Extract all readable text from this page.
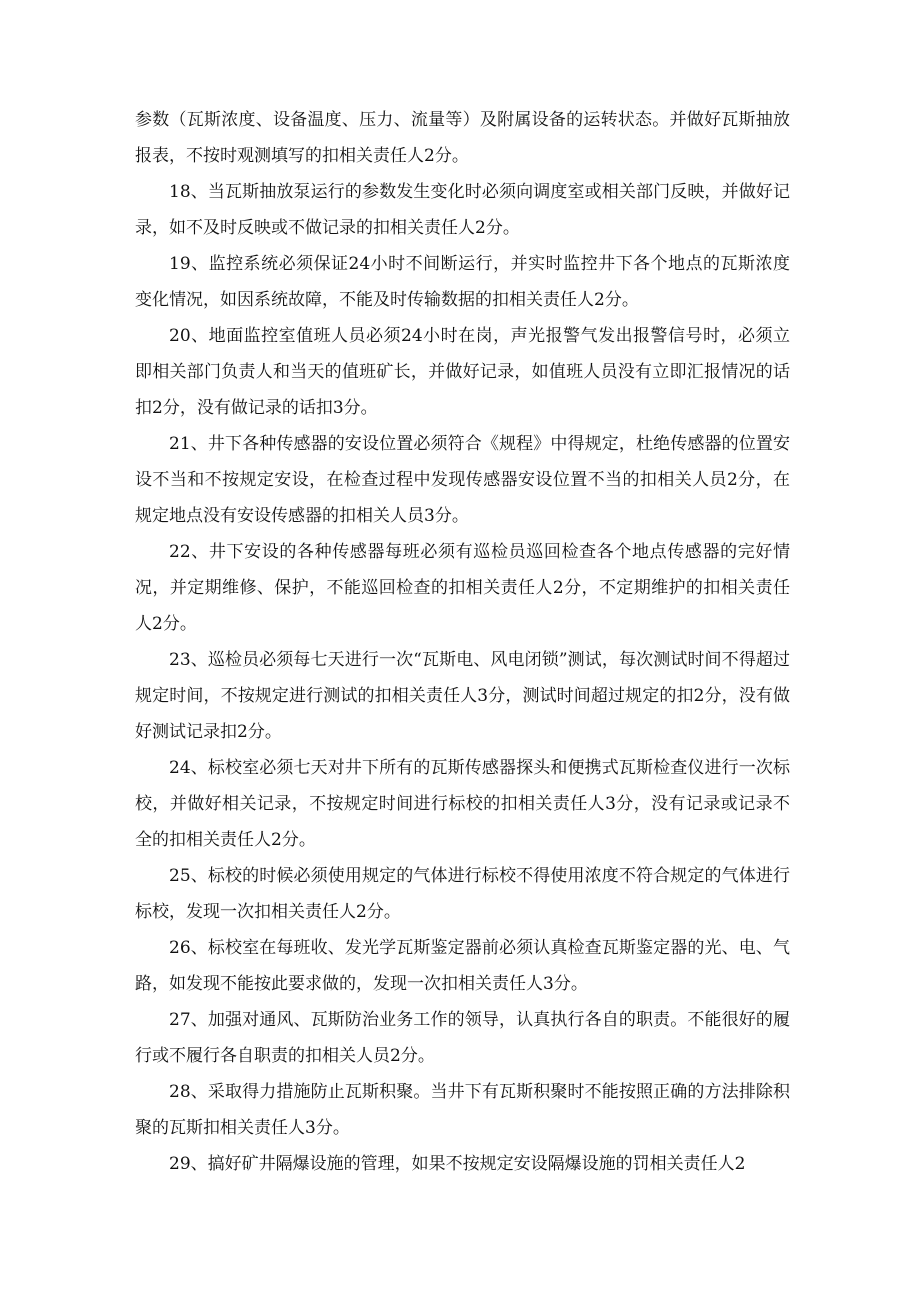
参数（瓦斯浓度、设备温度、压力、流量等）及附属设备的运转状态。并做好瓦斯抽放报表，不按时观测填写的扣相关责任人2分。

18、当瓦斯抽放泵运行的参数发生变化时必须向调度室或相关部门反映，并做好记录，如不及时反映或不做记录的扣相关责任人2分。

19、监控系统必须保证24小时不间断运行，并实时监控井下各个地点的瓦斯浓度变化情况，如因系统故障，不能及时传输数据的扣相关责任人2分。

20、地面监控室值班人员必须24小时在岗，声光报警气发出报警信号时，必须立即相关部门负责人和当天的值班矿长，并做好记录，如值班人员没有立即汇报情况的话扣2分，没有做记录的话扣3分。

21、井下各种传感器的安设位置必须符合《规程》中得规定，杜绝传感器的位置安设不当和不按规定安设，在检查过程中发现传感器安设位置不当的扣相关人员2分，在规定地点没有安设传感器的扣相关人员3分。

22、井下安设的各种传感器每班必须有巡检员巡回检查各个地点传感器的完好情况，并定期维修、保护，不能巡回检查的扣相关责任人2分，不定期维护的扣相关责任人2分。

23、巡检员必须每七天进行一次“瓦斯电、风电闭锁”测试，每次测试时间不得超过规定时间，不按规定进行测试的扣相关责任人3分，测试时间超过规定的扣2分，没有做好测试记录扣2分。

24、标校室必须七天对井下所有的瓦斯传感器探头和便携式瓦斯检查仪进行一次标校，并做好相关记录，不按规定时间进行标校的扣相关责任人3分，没有记录或记录不全的扣相关责任人2分。

25、标校的时候必须使用规定的气体进行标校不得使用浓度不符合规定的气体进行标校，发现一次扣相关责任人2分。

26、标校室在每班收、发光学瓦斯鉴定器前必须认真检查瓦斯鉴定器的光、电、气路，如发现不能按此要求做的，发现一次扣相关责任人3分。

27、加强对通风、瓦斯防治业务工作的领导，认真执行各自的职责。不能很好的履行或不履行各自职责的扣相关人员2分。

28、采取得力措施防止瓦斯积聚。当井下有瓦斯积聚时不能按照正确的方法排除积聚的瓦斯扣相关责任人3分。

29、搞好矿井隔爆设施的管理，如果不按规定安设隔爆设施的罚相关责任人2
